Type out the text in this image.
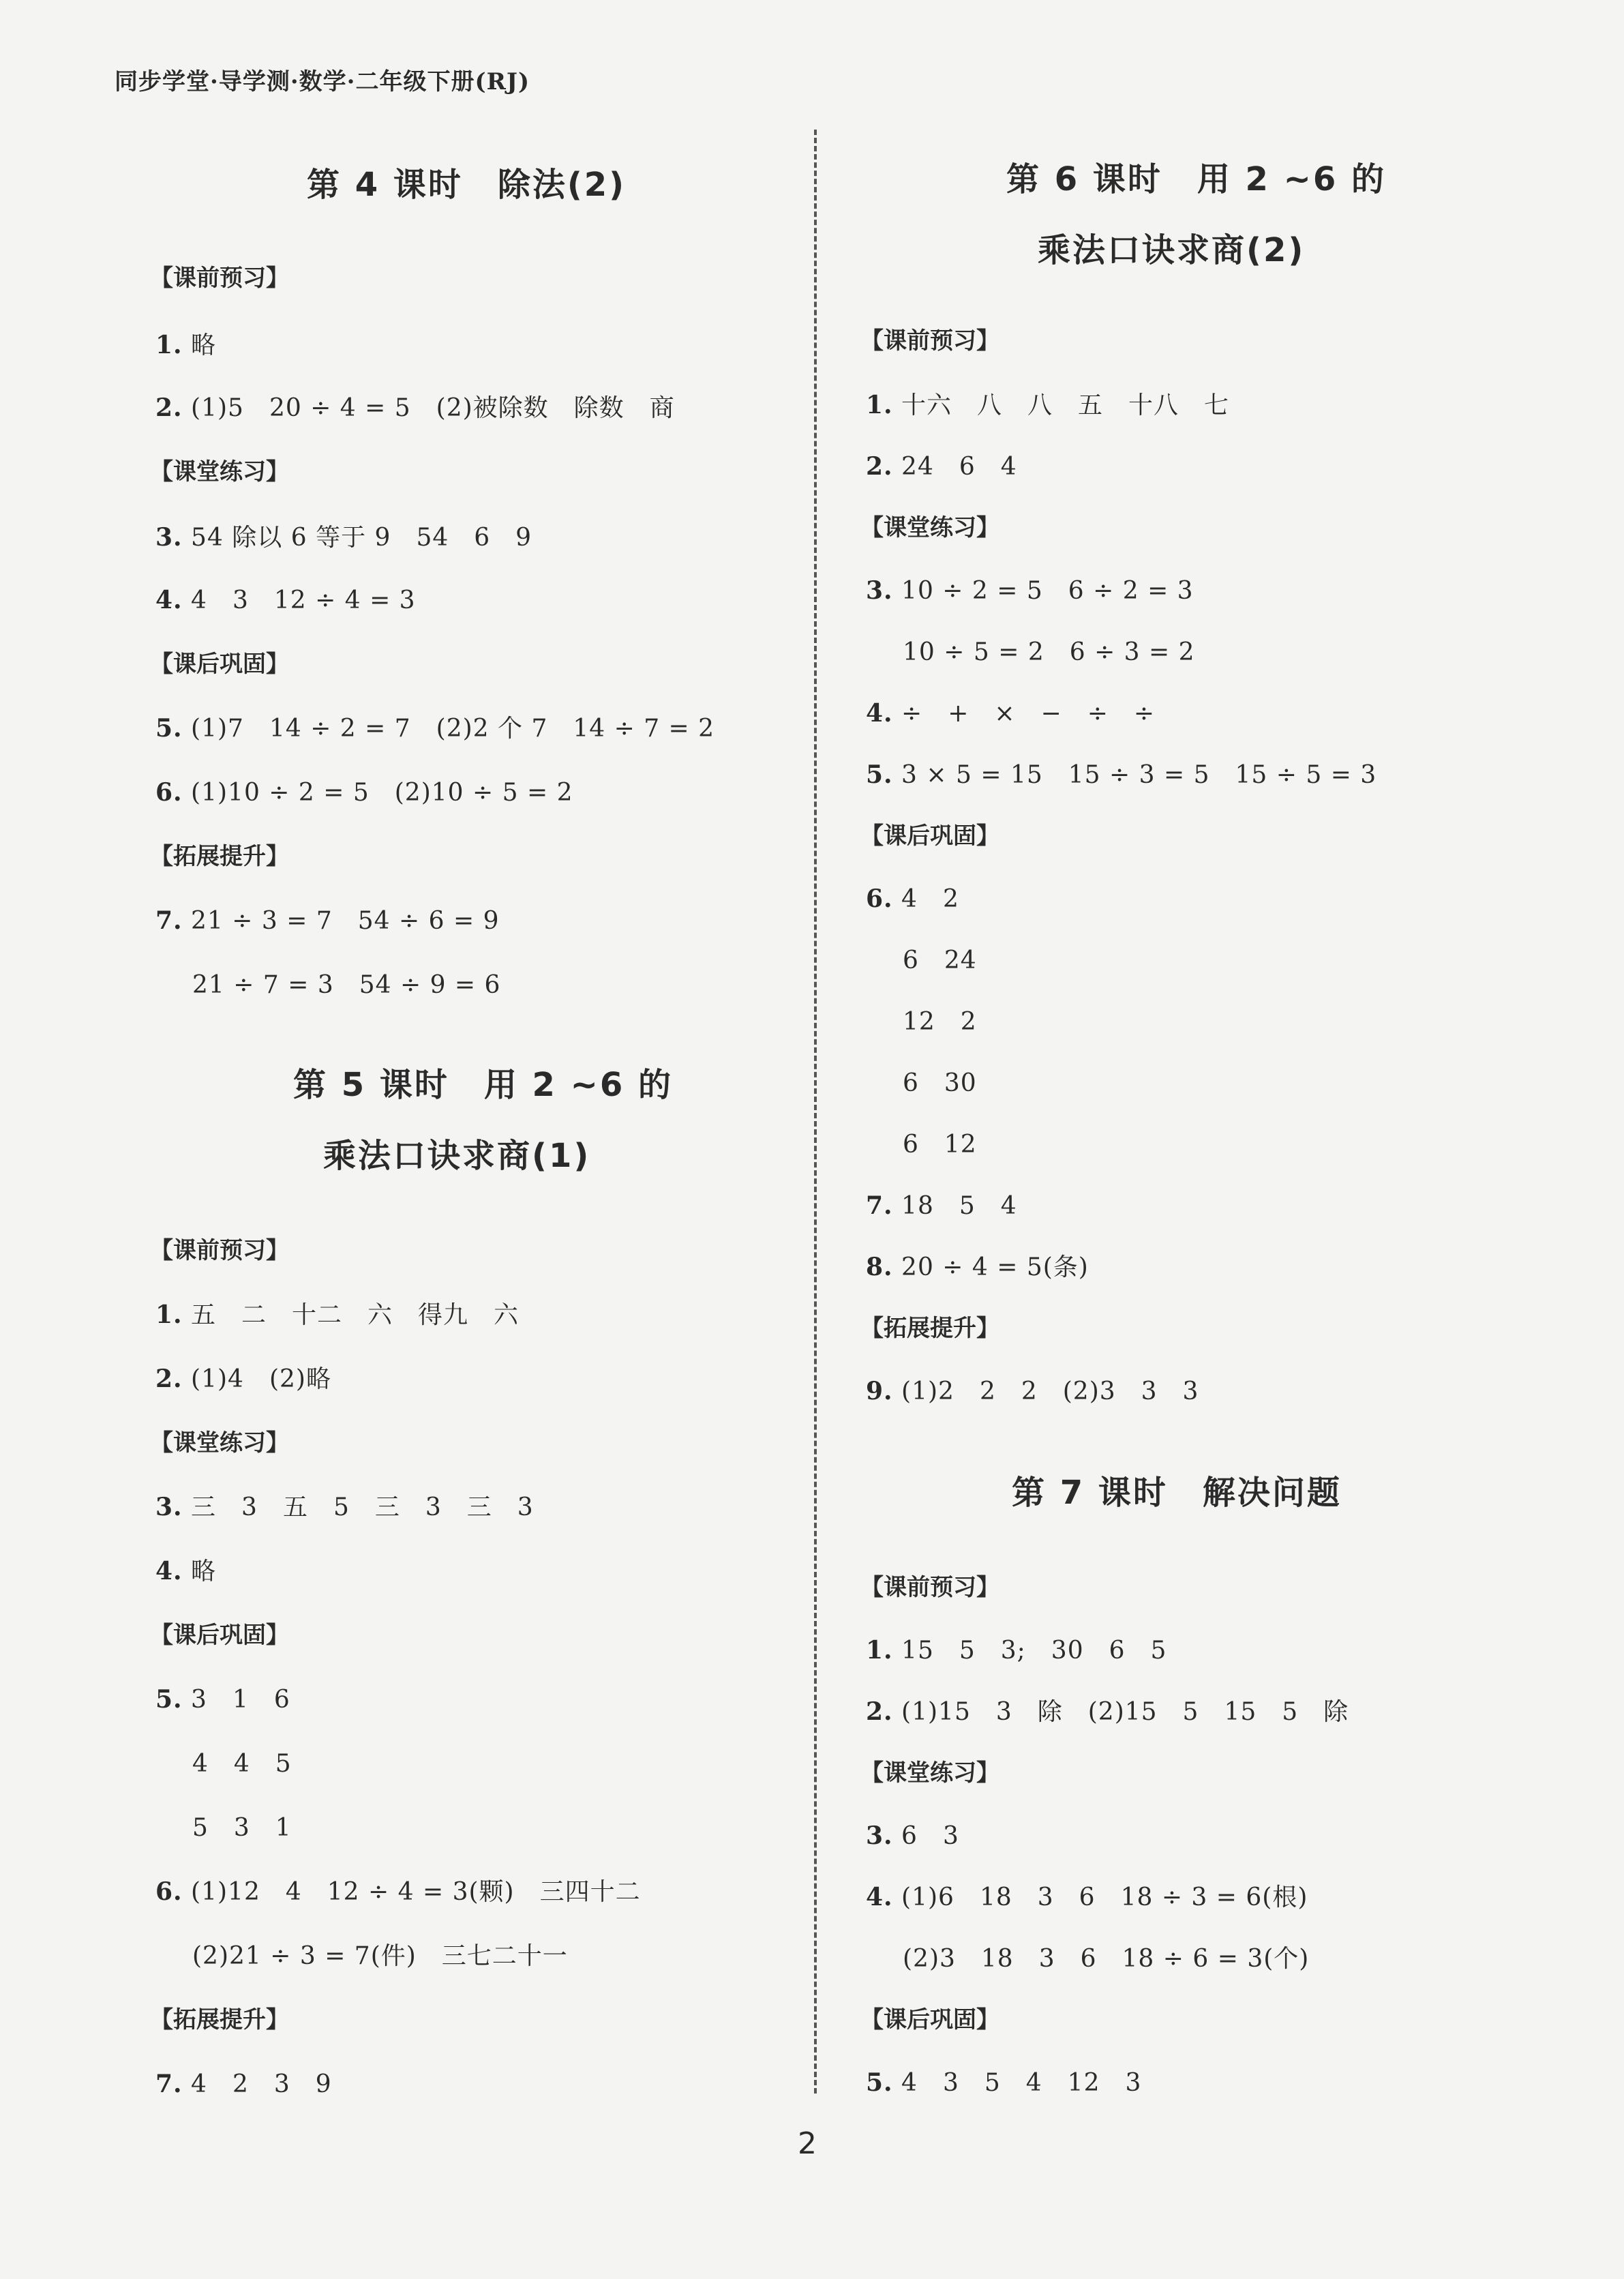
同步学堂·导学测·数学·二年级下册(RJ)
第 4 课时　除法(2)
【课前预习】
1. 略
2. (1)5　20 ÷ 4 = 5　(2)被除数　除数　商
【课堂练习】
3. 54 除以 6 等于 9　54　6　9
4. 4　3　12 ÷ 4 = 3
【课后巩固】
5. (1)7　14 ÷ 2 = 7　(2)2 个 7　14 ÷ 7 = 2
6. (1)10 ÷ 2 = 5　(2)10 ÷ 5 = 2
【拓展提升】
7. 21 ÷ 3 = 7　54 ÷ 6 = 9
21 ÷ 7 = 3　54 ÷ 9 = 6
第 5 课时　用 2 ~6 的
乘法口诀求商(1)
【课前预习】
1. 五　二　十二　六　得九　六
2. (1)4　(2)略
【课堂练习】
3. 三　3　五　5　三　3　三　3
4. 略
【课后巩固】
5. 3　1　6
4　4　5
5　3　1
6. (1)12　4　12 ÷ 4 = 3(颗)　三四十二
(2)21 ÷ 3 = 7(件)　三七二十一
【拓展提升】
7. 4　2　3　9
第 6 课时　用 2 ~6 的
乘法口诀求商(2)
【课前预习】
1. 十六　八　八　五　十八　七
2. 24　6　4
【课堂练习】
3. 10 ÷ 2 = 5　6 ÷ 2 = 3
10 ÷ 5 = 2　6 ÷ 3 = 2
4. ÷　+　×　−　÷　÷
5. 3 × 5 = 15　15 ÷ 3 = 5　15 ÷ 5 = 3
【课后巩固】
6. 4　2
6　24
12　2
6　30
6　12
7. 18　5　4
8. 20 ÷ 4 = 5(条)
【拓展提升】
9. (1)2　2　2　(2)3　3　3
第 7 课时　解决问题
【课前预习】
1. 15　5　3;　30　6　5
2. (1)15　3　除　(2)15　5　15　5　除
【课堂练习】
3. 6　3
4. (1)6　18　3　6　18 ÷ 3 = 6(根)
(2)3　18　3　6　18 ÷ 6 = 3(个)
【课后巩固】
5. 4　3　5　4　12　3
2
